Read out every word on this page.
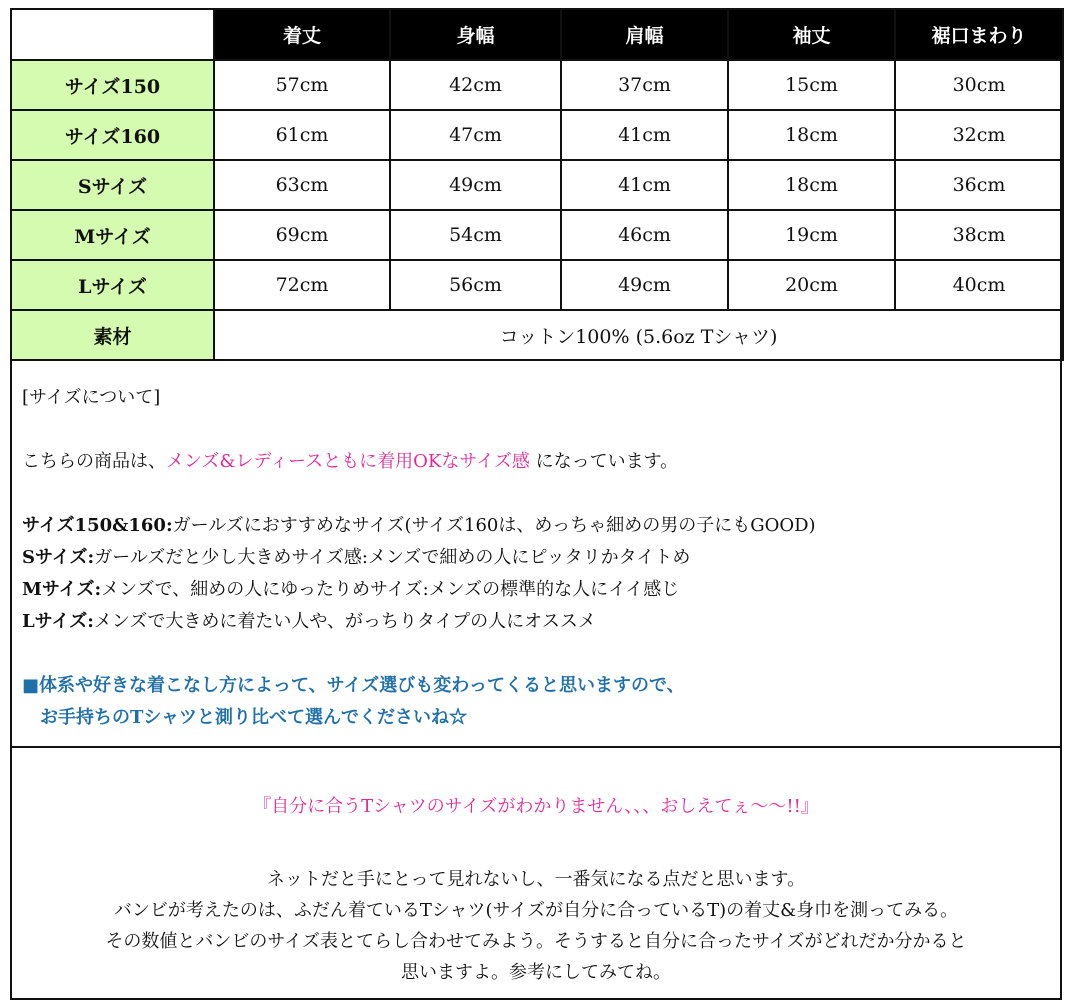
	着丈	身幅	肩幅	袖丈	裾口まわり
サイズ150	57cm	42cm	37cm	15cm	30cm
サイズ160	61cm	47cm	41cm	18cm	32cm
Sサイズ	63cm	49cm	41cm	18cm	36cm
Mサイズ	69cm	54cm	46cm	19cm	38cm
Lサイズ	72cm	56cm	49cm	20cm	40cm
素材	コットン100% (5.6oz Tシャツ)				

[サイズについて]

こちらの商品は、メンズ&レディースともに着用OKなサイズ感 になっています。

サイズ150&160:ガールズにおすすめなサイズ(サイズ160は、めっちゃ細めの男の子にもGOOD)

Sサイズ:ガールズだと少し大きめサイズ感:メンズで細めの人にピッタリかタイトめ

Mサイズ:メンズで、細めの人にゆったりめサイズ:メンズの標準的な人にイイ感じ

Lサイズ:メンズで大きめに着たい人や、がっちりタイプの人にオススメ

■体系や好きな着こなし方によって、サイズ選びも変わってくると思いますので、

お手持ちのTシャツと測り比べて選んでくださいね☆

『自分に合うTシャツのサイズがわかりません、、、おしえてぇ〜〜!!』

ネットだと手にとって見れないし、一番気になる点だと思います。

バンビが考えたのは、ふだん着ているTシャツ(サイズが自分に合っているT)の着丈&身巾を測ってみる。

その数値とバンビのサイズ表とてらし合わせてみよう。そうすると自分に合ったサイズがどれだか分かると

思いますよ。参考にしてみてね。
